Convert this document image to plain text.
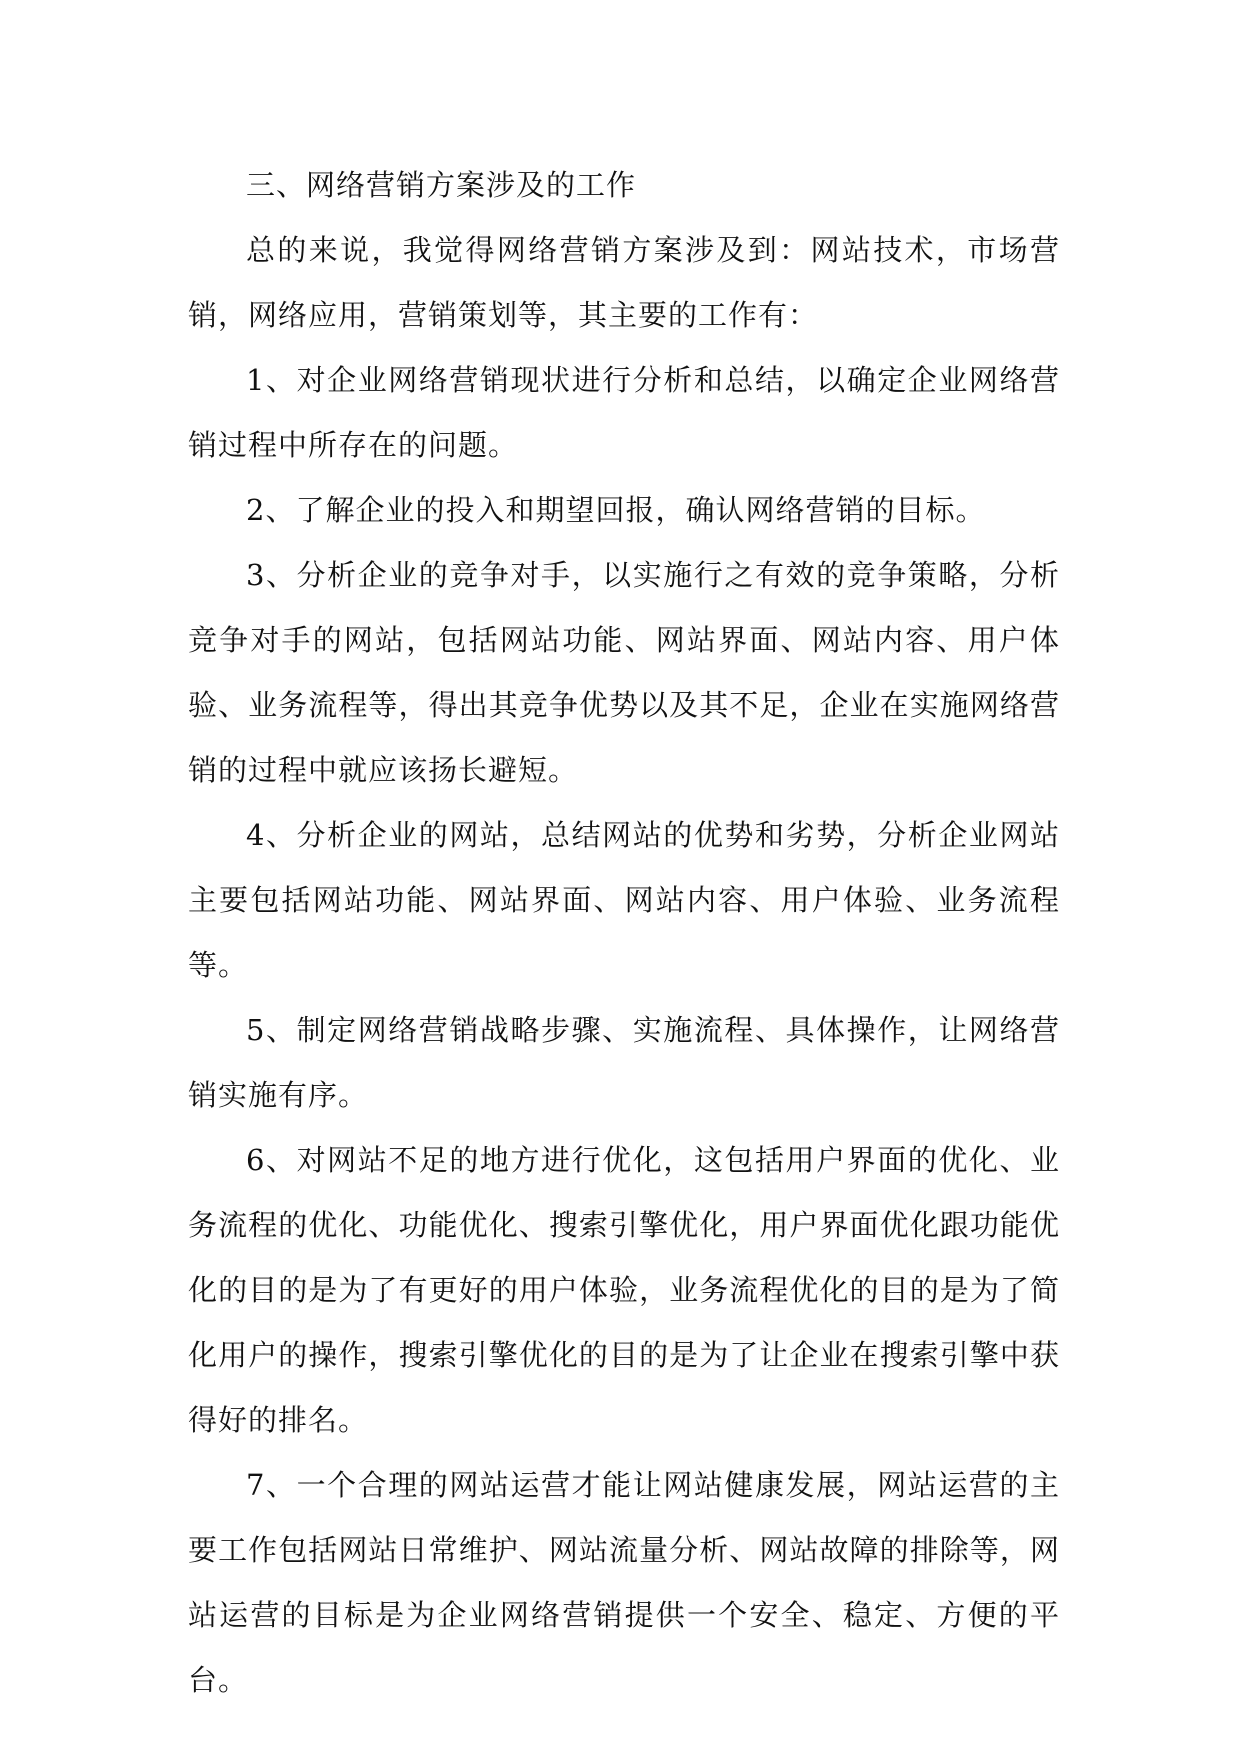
三、网络营销方案涉及的工作

总的来说，我觉得网络营销方案涉及到：网站技术，市场营销，网络应用，营销策划等，其主要的工作有：

1、对企业网络营销现状进行分析和总结，以确定企业网络营销过程中所存在的问题。

2、了解企业的投入和期望回报，确认网络营销的目标。

3、分析企业的竞争对手，以实施行之有效的竞争策略，分析竞争对手的网站，包括网站功能、网站界面、网站内容、用户体验、业务流程等，得出其竞争优势以及其不足，企业在实施网络营销的过程中就应该扬长避短。

4、分析企业的网站，总结网站的优势和劣势，分析企业网站主要包括网站功能、网站界面、网站内容、用户体验、业务流程等。

5、制定网络营销战略步骤、实施流程、具体操作，让网络营销实施有序。

6、对网站不足的地方进行优化，这包括用户界面的优化、业务流程的优化、功能优化、搜索引擎优化，用户界面优化跟功能优化的目的是为了有更好的用户体验，业务流程优化的目的是为了简化用户的操作，搜索引擎优化的目的是为了让企业在搜索引擎中获得好的排名。

7、一个合理的网站运营才能让网站健康发展，网站运营的主要工作包括网站日常维护、网站流量分析、网站故障的排除等，网站运营的目标是为企业网络营销提供一个安全、稳定、方便的平台。
